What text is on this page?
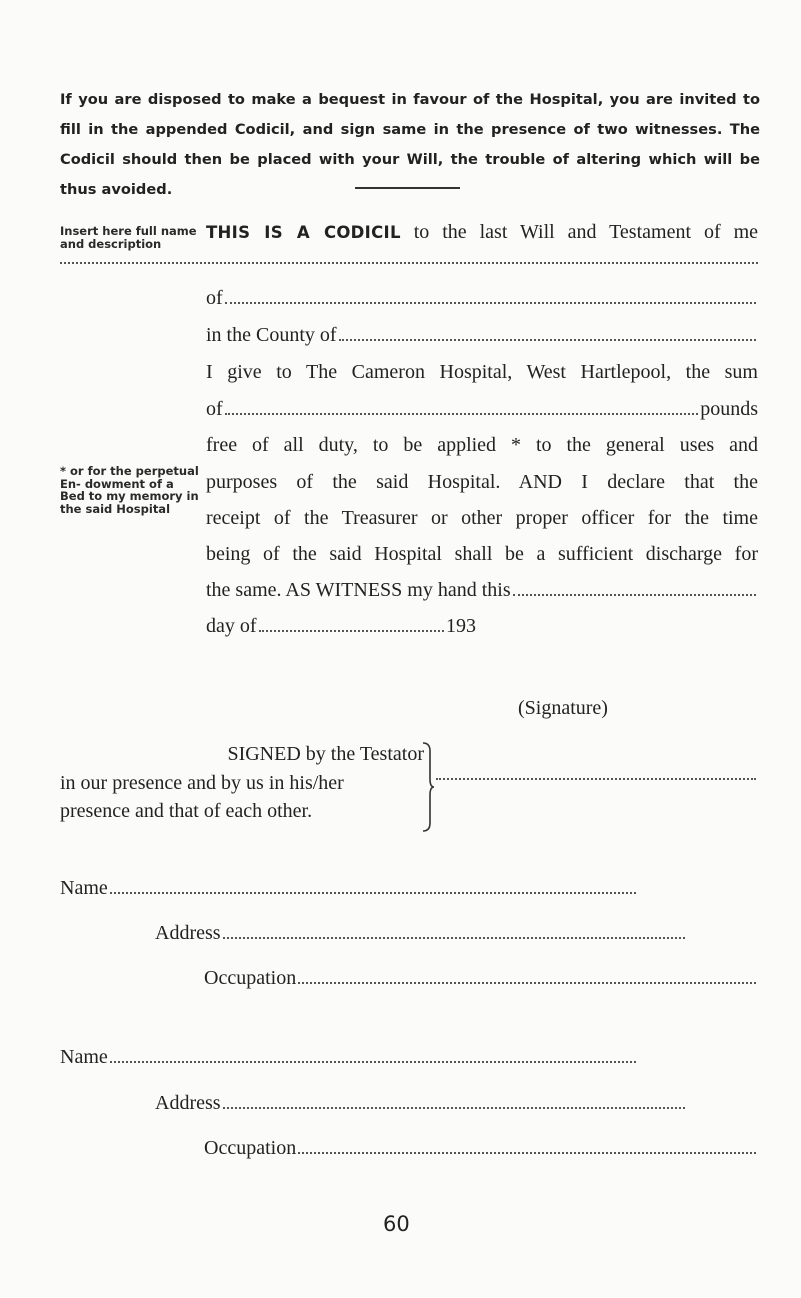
If you are disposed to make a bequest in favour of the Hospital, you are invited to fill in the appended Codicil, and sign same in the presence of two witnesses. The Codicil should then be placed with your Will, the trouble of altering which will be thus avoided.
Insert here full name and description
* or for the perpetual En- dowment of a Bed to my memory in the said Hospital
THIS IS A CODICIL to the last Will and Testament of me
of
in the County of
I give to The Cameron Hospital, West Hartlepool, the sum
of	pounds
free of all duty, to be applied * to the general uses and
purposes of the said Hospital. AND I declare that the
receipt of the Treasurer or other proper officer for the time
being of the said Hospital shall be a sufficient discharge for
the same. AS WITNESS my hand this
day of	193
(Signature)
SIGNED by the Testator
in our presence and by us in his/her
presence and that of each other.
Name
Address
Occupation
Name
Address
Occupation
60
